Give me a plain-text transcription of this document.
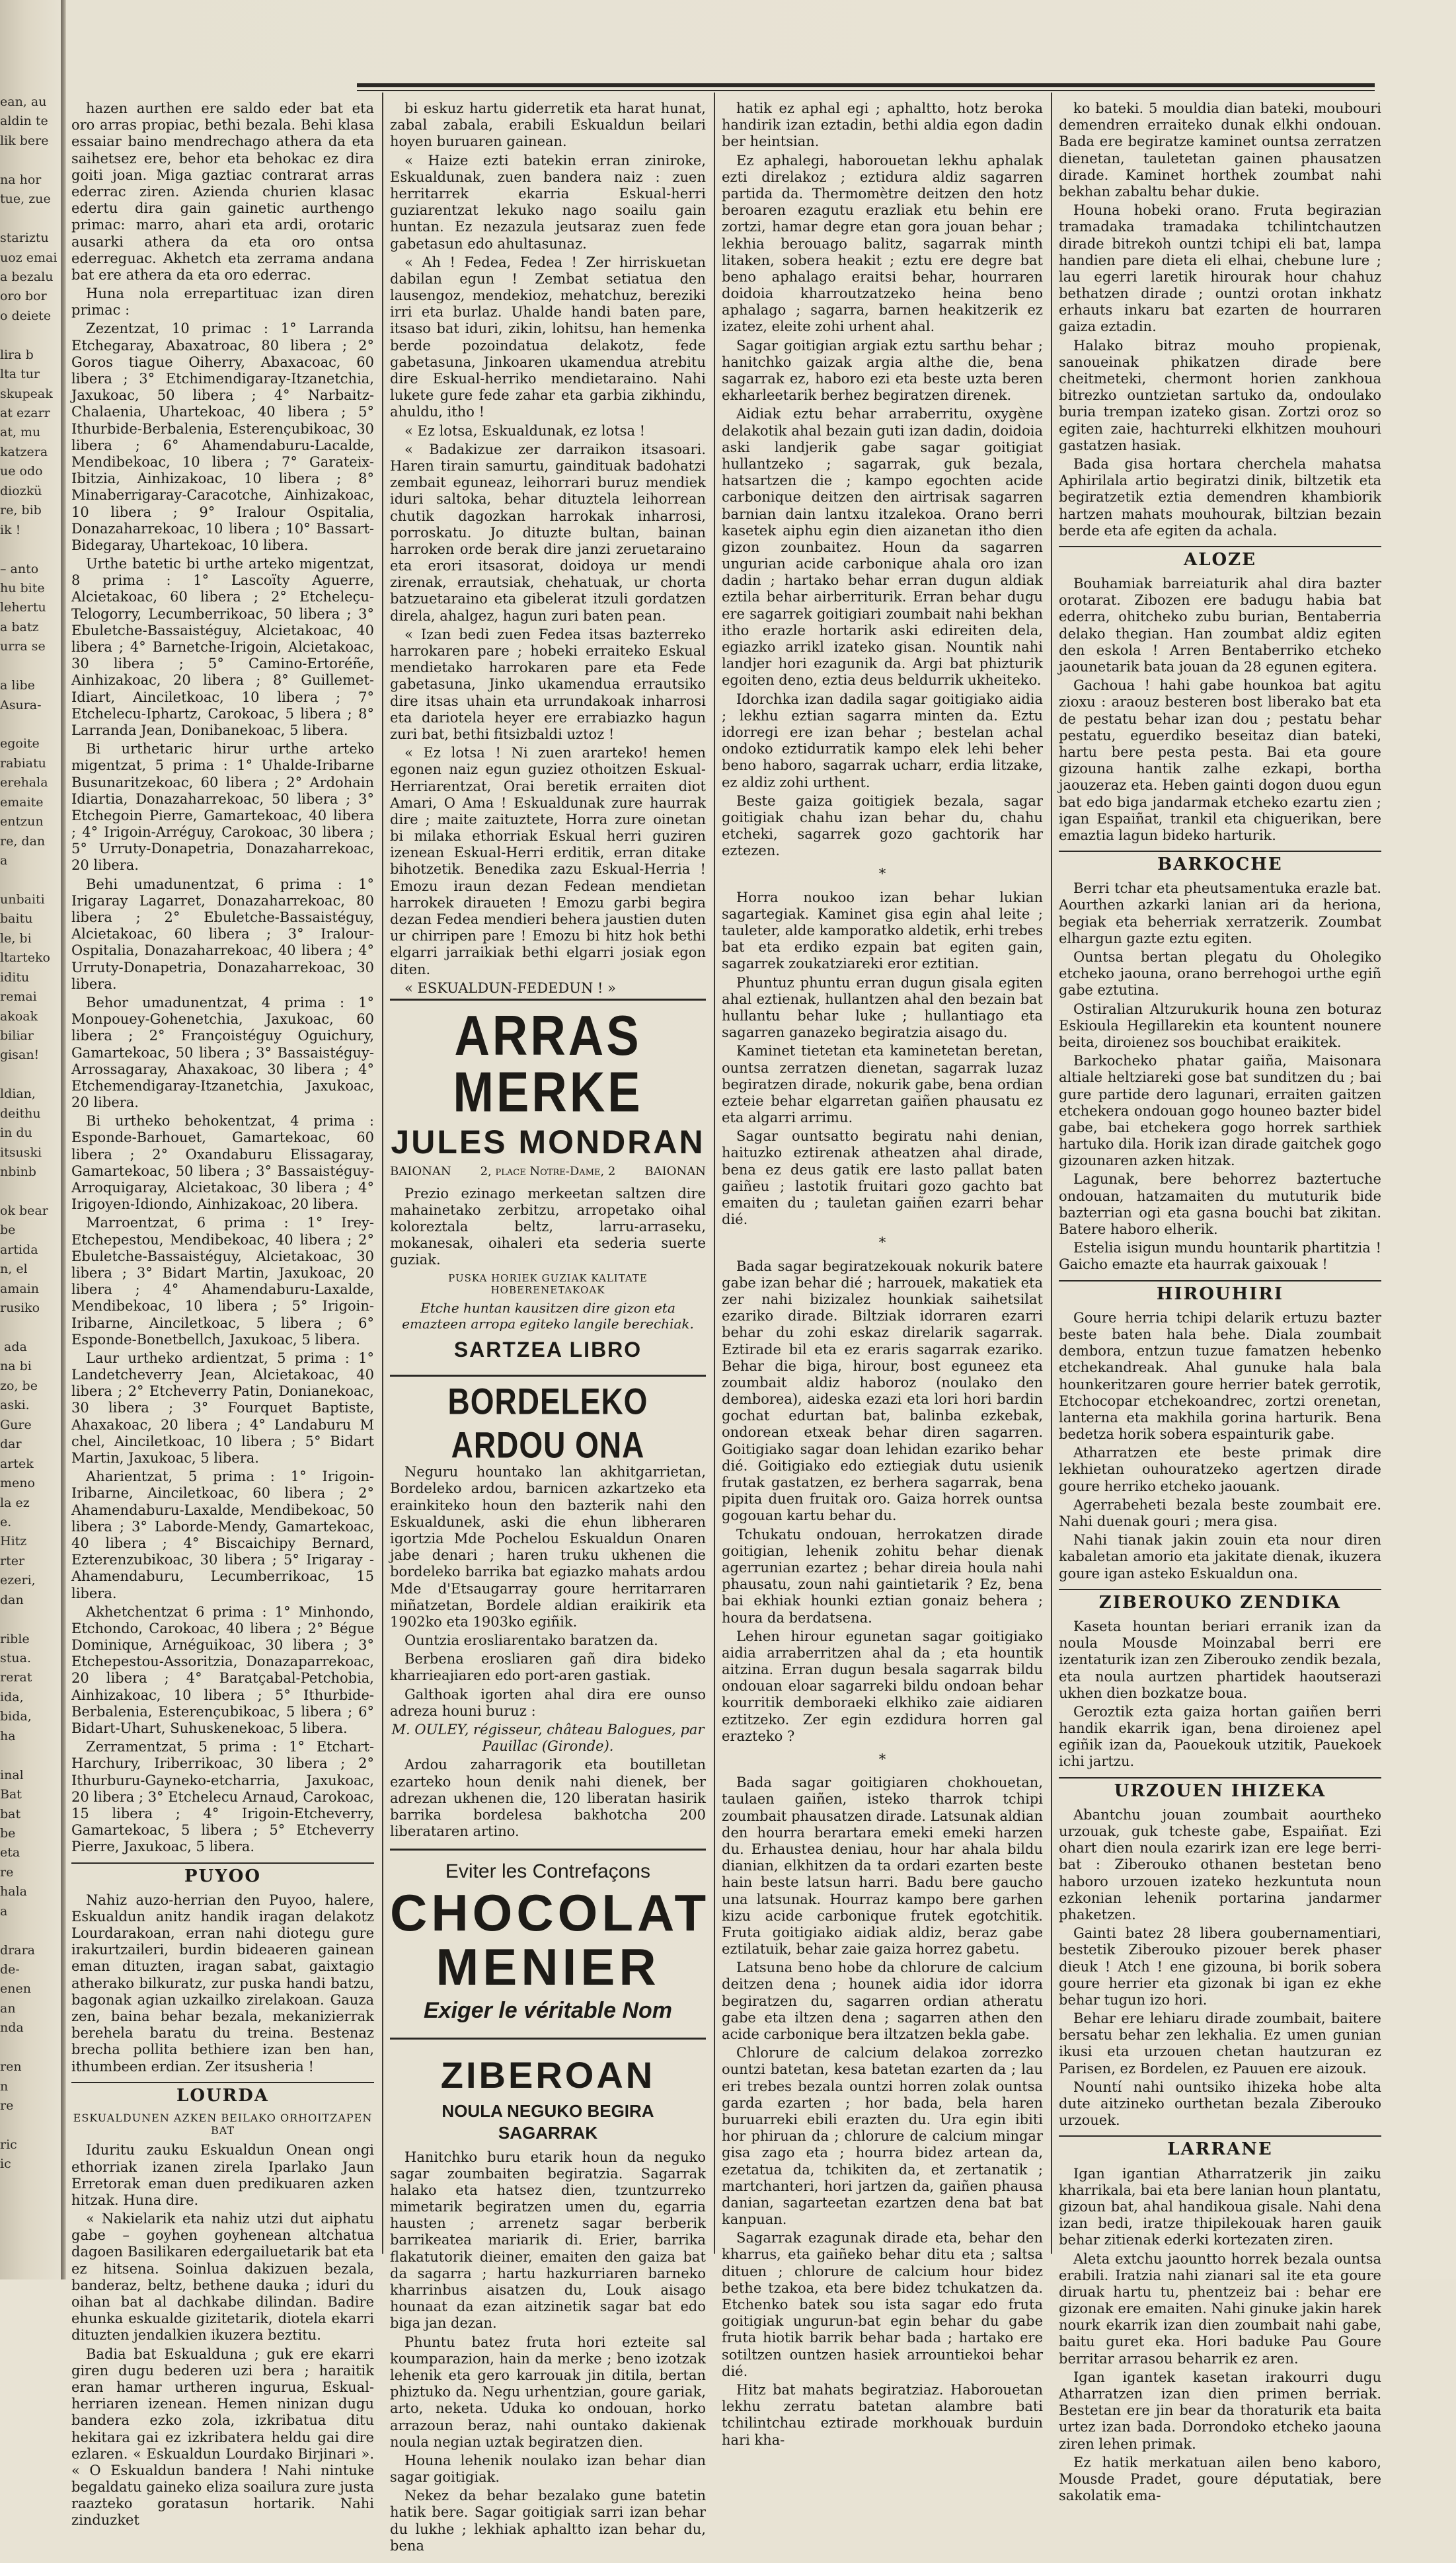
ean, au
aldin te
lik bere

na hor
tue, zue

stariztu
uoz emai
a bezalu
oro bor
o deiete

lira b
lta tur
skupeak
at ezarr
at, mu
katzera
ue odo
diozkü
re, bib
ik !

– anto
hu bite
lehertu
a batz
urra se

a libe
Asura-

egoite
rabiatu
erehala
emaite
entzun
re, dan
a

unbaiti
baitu
le, bi
ltarteko
iditu
remai
akoak
biliar
gisan!

ldian,
deithu
in du
itsuski
nbinb

ok bear
be
artida
n, el
amain
rusiko

ada
na bi
zo, be
aski.
Gure
dar
artek
meno
la ez
e.
Hitz
rter
ezeri,
dan

rible
stua.
rerat
ida,
bida,
ha

inal
Bat
bat
be
eta
re
hala
a

drara
de-
enen
an
nda

ren
n
re

ric
ic

hazen aurthen ere saldo eder bat eta oro arras propiac, bethi bezala. Behi klasa essaiar baino mendrechago athera da eta saihetsez ere, behor eta behokac ez dira goiti joan. Miga gaztiac contrarat arras ederrac ziren. Azienda churien klasac edertu dira gain gainetic aurthengo primac: marro, ahari eta ardi, orotaric ausarki athera da eta oro ontsa ederreguac. Akhetch eta zerrama andana bat ere athera da eta oro ederrac.

Huna nola errepartituac izan diren primac :

Zezentzat, 10 primac : 1° Larranda Etchegaray, Abaxatroac, 80 libera ; 2° Goros tiague Oiherry, Abaxacoac, 60 libera ; 3° Etchimendigaray-Itzanetchia, Jaxukoac, 50 libera ; 4° Narbaitz-Chalaenia, Uhartekoac, 40 libera ; 5° Ithurbide-Berbalenia, Esterençubikoac, 30 libera ; 6° Ahamendaburu-Lacalde, Mendibekoac, 10 libera ; 7° Garateix-Ibitzia, Ainhizakoac, 10 libera ; 8° Minaberrigaray-Caracotche, Ainhizakoac, 10 libera ; 9° Iralour Ospitalia, Donazaharrekoac, 10 libera ; 10° Bassart-Bidegaray, Uhartekoac, 10 libera.

Urthe batetic bi urthe arteko migentzat, 8 prima : 1° Lascoïty Aguerre, Alcietakoac, 60 libera ; 2° Etcheleçu-Telogorry, Lecumberrikoac, 50 libera ; 3° Ebuletche-Bassaistéguy, Alcietakoac, 40 libera ; 4° Barnetche-Irigoin, Alcietakoac, 30 libera ; 5° Camino-Ertoréñe, Ainhizakoac, 20 libera ; 8° Guillemet-Idiart, Ainciletkoac, 10 libera ; 7° Etchelecu-Iphartz, Carokoac, 5 libera ; 8° Larranda Jean, Donibanekoac, 5 libera.

Bi urthetaric hirur urthe arteko migentzat, 5 prima : 1° Uhalde-Iribarne Busunaritzekoac, 60 libera ; 2° Ardohain Idiartia, Donazaharrekoac, 50 libera ; 3° Etchegoin Pierre, Gamartekoac, 40 libera ; 4° Irigoin-Arréguy, Carokoac, 30 libera ; 5° Urruty-Donapetria, Donazaharrekoac, 20 libera.

Behi umadunentzat, 6 prima : 1° Irigaray Lagarret, Donazaharrekoac, 80 libera ; 2° Ebuletche-Bassaistéguy, Alcietakoac, 60 libera ; 3° Iralour-Ospitalia, Donazaharrekoac, 40 libera ; 4° Urruty-Donapetria, Donazaharrekoac, 30 libera.

Behor umadunentzat, 4 prima : 1° Monpouey-Gohenetchia, Jaxukoac, 60 libera ; 2° Françoistéguy Oguichury, Gamartekoac, 50 libera ; 3° Bassaistéguy-Arrossagaray, Ahaxakoac, 30 libera ; 4° Etchemendigaray-Itzanetchia, Jaxukoac, 20 libera.

Bi urtheko behokentzat, 4 prima : Esponde-Barhouet, Gamartekoac, 60 libera ; 2° Oxandaburu Elissagaray, Gamartekoac, 50 libera ; 3° Bassaistéguy-Arroquigaray, Alcietakoac, 30 libera ; 4° Irigoyen-Idiondo, Ainhizakoac, 20 libera.

Marroentzat, 6 prima : 1° Irey-Etchepestou, Mendibekoac, 40 libera ; 2° Ebuletche-Bassaistéguy, Alcietakoac, 30 libera ; 3° Bidart Martin, Jaxukoac, 20 libera ; 4° Ahamendaburu-Laxalde, Mendibekoac, 10 libera ; 5° Irigoin-Iribarne, Ainciletkoac, 5 libera ; 6° Esponde-Bonetbellch, Jaxukoac, 5 libera.

Laur urtheko ardientzat, 5 prima : 1° Landetcheverry Jean, Alcietakoac, 40 libera ; 2° Etcheverry Patin, Donianekoac, 30 libera ; 3° Fourquet Baptiste, Ahaxakoac, 20 libera ; 4° Landaburu M chel, Ainciletkoac, 10 libera ; 5° Bidart Martin, Jaxukoac, 5 libera.

Aharientzat, 5 prima : 1° Irigoin-Iribarne, Ainciletkoac, 60 libera ; 2° Ahamendaburu-Laxalde, Mendibekoac, 50 libera ; 3° Laborde-Mendy, Gamartekoac, 40 libera ; 4° Biscaichipy Bernard, Ezterenzubikoac, 30 libera ; 5° Irigaray - Ahamendaburu, Lecumberrikoac, 15 libera.

Akhetchentzat 6 prima : 1° Minhondo, Etchondo, Carokoac, 40 libera ; 2° Bégue Dominique, Arnéguikoac, 30 libera ; 3° Etchepestou-Assoritzia, Donazaparrekoac, 20 libera ; 4° Baratçabal-Petchobia, Ainhizakoac, 10 libera ; 5° Ithurbide-Berbalenia, Esterençubikoac, 5 libera ; 6° Bidart-Uhart, Suhuskenekoac, 5 libera.

Zerramentzat, 5 prima : 1° Etchart-Harchury, Iriberrikoac, 30 libera ; 2° Ithurburu-Gayneko-etcharria, Jaxukoac, 20 libera ; 3° Etchelecu Arnaud, Carokoac, 15 libera ; 4° Irigoin-Etcheverry, Gamartekoac, 5 libera ; 5° Etcheverry Pierre, Jaxukoac, 5 libera.

PUYOO

Nahiz auzo-herrian den Puyoo, halere, Eskualdun anitz handik iragan delakotz Lourdarakoan, erran nahi diotegu gure irakurtzaileri, burdin bideaeren gainean eman dituzten, iragan sabat, gaixtagio atherako bilkuratz, zur puska handi batzu, bagonak agian uzkailko zirelakoan. Gauza zen, baina behar bezala, mekanizierrak berehela baratu du treina. Bestenaz brecha pollita bethiere izan ben han, ithumbeen erdian. Zer itsusheria !

LOURDA
ESKUALDUNEN AZKEN BEILAKO ORHOITZAPEN BAT

Iduritu zauku Eskualdun Onean ongi ethorriak izanen zirela Iparlako Jaun Erretorak eman duen predikuaren azken hitzak. Huna dire.

« Nakielarik eta nahiz utzi dut aiphatu gabe – goyhen goyhenean altchatua dagoen Basilikaren edergailuetarik bat eta ez hitsena. Soinlua dakizuen bezala, banderaz, beltz, bethene dauka ; iduri du oihan bat al dachkabe dilindan. Badire ehunka eskualde gizitetarik, diotela ekarri dituzten jendalkien ikuzera beztitu.

Badia bat Eskualduna ; guk ere ekarri giren dugu bederen uzi bera ; haraitik eran hamar urtheren ingurua, Eskual-herriaren izenean. Hemen ninizan dugu bandera ezko zola, izkribatua ditu hekitara gai ez izkribatera heldu gai dire ezlaren. « Eskualdun Lourdako Birjinari ». « O Eskualdun bandera ! Nahi nintuke begaldatu gaineko eliza soailura zure justa raazteko goratasun hortarik. Nahi zinduzket

bi eskuz hartu giderretik eta harat hunat, zabal zabala, erabili Eskualdun beilari hoyen buruaren gainean.

« Haize ezti batekin erran ziniroke, Eskualdunak, zuen bandera naiz : zuen herritarrek ekarria Eskual-herri guziarentzat lekuko nago soailu gain huntan. Ez nezazula jeutsaraz zuen fede gabetasun edo ahultasunaz.

« Ah ! Fedea, Fedea ! Zer hirriskuetan dabilan egun ! Zembat setiatua den lausengoz, mendekioz, mehatchuz, bereziki irri eta burlaz. Uhalde handi baten pare, itsaso bat iduri, zikin, lohitsu, han hemenka berde pozoindatua delakotz, fede gabetasuna, Jinkoaren ukamendua atrebitu dire Eskual-herriko mendietaraino. Nahi lukete gure fede zahar eta garbia zikhindu, ahuldu, itho !

« Ez lotsa, Eskualdunak, ez lotsa !

« Badakizue zer darraikon itsasoari. Haren tirain samurtu, gaindituak badohatzi zembait eguneaz, leihorrari buruz mendiek iduri saltoka, behar dituztela leihorrean chutik dagozkan harrokak inharrosi, porroskatu. Jo dituzte bultan, bainan harroken orde berak dire janzi zeruetaraino eta erori itsasorat, doidoya ur mendi zirenak, errautsiak, chehatuak, ur chorta batzuetaraino eta gibelerat itzuli gordatzen direla, ahalgez, hagun zuri baten pean.

« Izan bedi zuen Fedea itsas bazterreko harrokaren pare ; hobeki erraiteko Eskual mendietako harrokaren pare eta Fede gabetasuna, Jinko ukamendua errautsiko dire itsas uhain eta urrundakoak inharrosi eta dariotela heyer ere errabiazko hagun zuri bat, bethi fitsizbaldi uztoz !

« Ez lotsa ! Ni zuen ararteko! hemen egonen naiz egun guziez othoitzen Eskual-Herriarentzat, Orai beretik erraiten diot Amari, O Ama ! Eskualdunak zure haurrak dire ; maite zaituztete, Horra zure oinetan bi milaka ethorriak Eskual herri guziren izenean Eskual-Herri erditik, erran ditake bihotzetik. Benedika zazu Eskual-Herria ! Emozu iraun dezan Fedean mendietan harrokek diraueten ! Emozu garbi begira dezan Fedea mendieri behera jaustien duten ur chirripen pare ! Emozu bi hitz hok bethi elgarri jarraikiak bethi elgarri josiak egon diten.

« ESKUALDUN-FEDEDUN ! »

ARRAS MERKE
JULES MONDRAN
BAIONAN 2, place Notre-Dame, 2 BAIONAN

Prezio ezinago merkeetan saltzen dire mahainetako zerbitzu, arropetako oihal koloreztala beltz, larru-arraseku, mokanesak, oihaleri eta sederia suerte guziak.

PUSKA HORIEK GUZIAK KALITATE HOBERENETAKOAK
Etche huntan kausitzen dire gizon eta emazteen arropa egiteko langile berechiak.
SARTZEA LIBRO
BORDELEKO ARDOU ONA

Neguru hountako lan akhitgarrietan, Bordeleko ardou, barnicen azkartzeko eta erainkiteko houn den bazterik nahi den Eskualdunek, aski die ehun libheraren igortzia Mde Pochelou Eskualdun Onaren jabe denari ; haren truku ukhenen die bordeleko barrika bat egiazko mahats ardou Mde d'Etsaugarray goure herritarraren miñatzetan, Bordele aldian eraikirik eta 1902ko eta 1903ko egiñik.

Ountzia erosliarentako baratzen da.

Berbena erosliaren gañ dira bideko kharrieajiaren edo port-aren gastiak.

Galthoak igorten ahal dira ere ounso adreza houni buruz :

M. OULEY, régisseur, château Balogues, par Pauillac (Gironde).

Ardou zaharragorik eta boutilletan ezarteko houn denik nahi dienek, ber adrezan ukhenen die, 120 liberatan hasirik barrika bordelesa bakhotcha 200 liberataren artino.

Eviter les Contrefaçons
CHOCOLAT
MENIER
Exiger le véritable Nom
ZIBEROAN
NOULA NEGUKO BEGIRA
SAGARRAK

Hanitchko buru etarik houn da neguko sagar zoumbaiten begiratzia. Sagarrak halako eta hatsez dien, tzuntzurreko mimetarik begiratzen umen du, egarria hausten ; arrenetz sagar berberik barrikeatea mariarik di. Erier, barrika flakatutorik dieiner, emaiten den gaiza bat da sagarra ; hartu hazkurriaren barneko kharrinbus aisatzen du, Louk aisago hounaat da ezan aitzinetik sagar bat edo biga jan dezan.

Phuntu batez fruta hori ezteite sal koumparazion, hain da merke ; beno izotzak lehenik eta gero karrouak jin ditila, bertan phiztuko da. Negu urhentzian, goure gariak, arto, neketa. Uduka ko ondouan, horko arrazoun beraz, nahi ountako dakienak noula negian uztak begiratzen dien.

Houna lehenik noulako izan behar dian sagar goitigiak.

Nekez da behar bezalako gune batetin hatik bere. Sagar goitigiak sarri izan behar du lukhe ; lekhiak aphaltto izan behar du, bena

hatik ez aphal egi ; aphaltto, hotz beroka handirik izan eztadin, bethi aldia egon dadin ber heintsian.

Ez aphalegi, haborouetan lekhu aphalak ezti direlakoz ; eztidura aldiz sagarren partida da. Thermomètre deitzen den hotz beroaren ezagutu erazliak etu behin ere zortzi, hamar degre etan gora jouan behar ; lekhia berouago balitz, sagarrak minth litaken, sobera heakit ; eztu ere degre bat beno aphalago eraitsi behar, hourraren doidoia kharroutzatzeko heina beno aphalago ; sagarra, barnen heakitzerik ez izatez, eleite zohi urhent ahal.

Sagar goitigian argiak eztu sarthu behar ; hanitchko gaizak argia althe die, bena sagarrak ez, haboro ezi eta beste uzta beren ekharleetarik berhez begiratzen direnek.

Aidiak eztu behar arraberritu, oxygène delakotik ahal bezain guti izan dadin, doidoia aski landjerik gabe sagar goitigiat hullantzeko ; sagarrak, guk bezala, hatsartzen die ; kampo egochten acide carbonique deitzen den airtrisak sagarren barnian dain lantxu itzalekoa. Orano berri kasetek aiphu egin dien aizanetan itho dien gizon zounbaitez. Houn da sagarren ungurian acide carbonique ahala oro izan dadin ; hartako behar erran dugun aldiak eztila behar airberriturik. Erran behar dugu ere sagarrek goitigiari zoumbait nahi bekhan itho erazle hortarik aski edireiten dela, egiazko arrikl izateko gisan. Nountik nahi landjer hori ezagunik da. Argi bat phizturik egoiten deno, eztia deus beldurrik ukheiteko.

Idorchka izan dadila sagar goitigiako aidia ; lekhu eztian sagarra minten da. Eztu idorregi ere izan behar ; bestelan achal ondoko eztidurratik kampo elek lehi beher beno haboro, sagarrak ucharr, erdia litzake, ez aldiz zohi urthent.

Beste gaiza goitigiek bezala, sagar goitigiak chahu izan behar du, chahu etcheki, sagarrek gozo gachtorik har eztezen.

*

Horra noukoo izan behar lukian sagartegiak. Kaminet gisa egin ahal leite ; tauleter, alde kamporatko aldetik, erhi trebes bat eta erdiko ezpain bat egiten gain, sagarrek zoukatziareki eror eztitian.

Phuntuz phuntu erran dugun gisala egiten ahal eztienak, hullantzen ahal den bezain bat hullantu behar luke ; hullantiago eta sagarren ganazeko begiratzia aisago du.

Kaminet tietetan eta kaminetetan beretan, ountsa zerratzen dienetan, sagarrak luzaz begiratzen dirade, nokurik gabe, bena ordian ezteie behar elgarretan gaiñen phausatu ez eta algarri arrimu.

Sagar ountsatto begiratu nahi denian, haituzko eztirenak atheatzen ahal dirade, bena ez deus gatik ere lasto pallat baten gaiñeu ; lastotik fruitari gozo gachto bat emaiten du ; tauletan gaiñen ezarri behar dié.

*

Bada sagar begiratzekouak nokurik batere gabe izan behar dié ; harrouek, makatiek eta zer nahi bizizalez hounkiak saihetsilat ezariko dirade. Biltziak idorraren ezarri behar du zohi eskaz direlarik sagarrak. Eztirade bil eta ez eraris sagarrak ezariko. Behar die biga, hirour, bost eguneez eta zoumbait aldiz haboroz (noulako den demborea), aideska ezazi eta lori hori bardin gochat edurtan bat, balinba ezkebak, ondorean etxeak behar diren sagarren. Goitigiako sagar doan lehidan ezariko behar dié. Goitigiako edo eztiegiak dutu usienik frutak gastatzen, ez berhera sagarrak, bena pipita duen fruitak oro. Gaiza horrek ountsa gogouan kartu behar du.

Tchukatu ondouan, herrokatzen dirade goitigian, lehenik zohitu behar dienak agerrunian ezartez ; behar direia houla nahi phausatu, zoun nahi gaintietarik ? Ez, bena bai ekhiak hounki eztian gonaiz behera ; houra da berdatsena.

Lehen hirour egunetan sagar goitigiako aidia arraberritzen ahal da ; eta hountik aitzina. Erran dugun besala sagarrak bildu ondouan eloar sagarreki bildu ondoan behar kourritik demboraeki elkhiko zaie aidiaren eztitzeko. Zer egin ezdidura horren gal erazteko ?

*

Bada sagar goitigiaren chokhouetan, taulaen gaiñen, isteko tharrok tchipi zoumbait phausatzen dirade. Latsunak aldian den hourra berartara emeki emeki harzen du. Erhaustea deniau, hour har ahala bildu dianian, elkhitzen da ta ordari ezarten beste hain beste latsun harri. Badu bere gaucho una latsunak. Hourraz kampo bere garhen kizu acide carbonique frutek egotchitik. Fruta goitigiako aidiak aldiz, beraz gabe eztilatuik, behar zaie gaiza horrez gabetu.

Latsuna beno hobe da chlorure de calcium deitzen dena ; hounek aidia idor idorra begiratzen du, sagarren ordian atheratu gabe eta iltzen dena ; sagarren athen den acide carbonique bera iltzatzen bekla gabe.

Chlorure de calcium delakoa zorrezko ountzi batetan, kesa batetan ezarten da ; lau eri trebes bezala ountzi horren zolak ountsa garda ezarten ; hor bada, bela haren buruarreki ebili erazten du. Ura egin ibiti hor phiruan da ; chlorure de calcium mingar gisa zago eta ; hourra bidez artean da, ezetatua da, tchikiten da, et zertanatik ; martchanteri, hori jartzen da, gaiñen phausa danian, sagarteetan ezartzen dena bat bat kanpuan.

Sagarrak ezagunak dirade eta, behar den kharrus, eta gaiñeko behar ditu eta ; saltsa dituen ; chlorure de calcium hour bidez bethe tzakoa, eta bere bidez tchukatzen da. Etchenko batek sou ista sagar edo fruta goitigiak ungurun-bat egin behar du gabe fruta hiotik barrik behar bada ; hartako ere sotiltzen ountzen hasiek arrountiekoi behar dié.

Hitz bat mahats begiratziaz. Haborouetan lekhu zerratu batetan alambre bati tchilintchau eztirade morkhouak burduin hari kha-

ko bateki. 5 mouldia dian bateki, moubouri demendren erraiteko dunak elkhi ondouan. Bada ere begiratze kaminet ountsa zerratzen dienetan, tauletetan gainen phausatzen dirade. Kaminet horthek zoumbat nahi bekhan zabaltu behar dukie.

Houna hobeki orano. Fruta begirazian tramadaka tramadaka tchilintchautzen dirade bitrekoh ountzi tchipi eli bat, lampa handien pare dieta eli elhai, chebune lure ; lau egerri laretik hirourak hour chahuz bethatzen dirade ; ountzi orotan inkhatz erhauts inkaru bat ezarten de hourraren gaiza eztadin.

Halako bitraz mouho propienak, sanoueinak phikatzen dirade bere cheitmeteki, chermont horien zankhoua bitrezko ountzietan sartuko da, ondoulako buria trempan izateko gisan. Zortzi oroz so egiten zaie, hachturreki elkhitzen mouhouri gastatzen hasiak.

Bada gisa hortara cherchela mahatsa Aphirilala artio begiratzi dinik, biltzetik eta begiratzetik eztia demendren khambiorik hartzen mahats mouhourak, biltzian bezain berde eta afe egiten da achala.

ALOZE

Bouhamiak barreiaturik ahal dira bazter orotarat. Zibozen ere badugu habia bat ederra, ohitcheko zubu burian, Bentaberria delako thegian. Han zoumbat aldiz egiten den eskola ! Arren Bentaberriko etcheko jaounetarik bata jouan da 28 egunen egitera.

Gachoua ! hahi gabe hounkoa bat agitu zioxu : araouz besteren bost liberako bat eta de pestatu behar izan dou ; pestatu behar pestatu, eguerdiko beseitaz dian bateki, hartu bere pesta pesta. Bai eta goure gizouna hantik zalhe ezkapi, bortha jaouzeraz eta. Heben gainti dogon duou egun bat edo biga jandarmak etcheko ezartu zien ; igan Espaiñat, trankil eta chiguerikan, bere emaztia lagun bideko harturik.

BARKOCHE

Berri tchar eta pheutsamentuka erazle bat. Aourthen azkarki lanian ari da heriona, begiak eta beherriak xerratzerik. Zoumbat elhargun gazte eztu egiten.

Ountsa bertan plegatu du Oholegiko etcheko jaouna, orano berrehogoi urthe egiñ gabe eztutina.

Ostiralian Altzurukurik houna zen boturaz Eskioula Hegillarekin eta kountent nounere beita, diroienez sos bouchibat eraikitek.

Barkocheko phatar gaiña, Maisonara altiale heltziareki gose bat sunditzen du ; bai gure partide dero lagunari, erraiten gaitzen etchekera ondouan gogo houneo bazter bidel gabe, bai etchekera gogo horrek sarthiek hartuko dila. Horik izan dirade gaitchek gogo gizounaren azken hitzak.

Lagunak, bere behorrez baztertuche ondouan, hatzamaiten du mututurik bide bazterrian ogi eta gasna bouchi bat zikitan. Batere haboro elherik.

Estelia isigun mundu hountarik phartitzia ! Gaicho emazte eta haurrak gaixouak !

HIROUHIRI

Goure herria tchipi delarik ertuzu bazter beste baten hala behe. Diala zoumbait dembora, entzun tuzue famatzen hebenko etchekandreak. Ahal gunuke hala bala hounkeritzaren goure herrier batek gerrotik, Etchocopar etchekoandrec, zortzi orenetan, lanterna eta makhila gorina harturik. Bena bedetza horik sobera espainturik gabe.

Atharratzen ete beste primak dire lekhietan ouhouratzeko agertzen dirade goure herriko etcheko jaouank.

Agerrabeheti bezala beste zoumbait ere. Nahi duenak gouri ; mera gisa.

Nahi tianak jakin zouin eta nour diren kabaletan amorio eta jakitate dienak, ikuzera goure igan asteko Eskualdun ona.

ZIBEROUKO ZENDIKA

Kaseta hountan beriari erranik izan da noula Mousde Moinzabal berri ere izentaturik izan zen Ziberouko zendik bezala, eta noula aurtzen phartidek haoutserazi ukhen dien bozkatze boua.

Geroztik ezta gaiza hortan gaiñen berri handik ekarrik igan, bena diroienez apel egiñik izan da, Paouekouk utzitik, Pauekoek ichi jartzu.

URZOUEN IHIZEKA

Abantchu jouan zoumbait aourtheko urzouak, guk tcheste gabe, Espaiñat. Ezi ohart dien noula ezarirk izan ere lege berri-bat : Ziberouko othanen bestetan beno haboro urzouen izateko hezkuntuta noun ezkonian lehenik portarina jandarmer phaketzen.

Gainti batez 28 libera goubernamentiari, bestetik Ziberouko pizouer berek phaser dieuk ! Atch ! ene gizouna, bi borik sobera goure herrier eta gizonak bi igan ez ekhe behar tugun izo hori.

Behar ere lehiaru dirade zoumbait, baitere bersatu behar zen lekhalia. Ez umen gunian ikusi eta urzouen chetan hautzuran ez Parisen, ez Bordelen, ez Pauuen ere aizouk.

Nountí nahi ountsiko ihizeka hobe alta dute aitzineko ourthetan bezala Ziberouko urzouek.

LARRANE

Igan igantian Atharratzerik jin zaiku kharrikala, bai eta bere lanian houn plantatu, gizoun bat, ahal handikoua gisale. Nahi dena izan bedi, iratze thipilekouak haren gauik behar zitienak ederki kortezaten ziren.

Aleta extchu jaountto horrek bezala ountsa erabili. Iratzia nahi zianari sal ite eta goure diruak hartu tu, phentzeiz bai : behar ere gizonak ere emaiten. Nahi ginuke jakin harek nourk ekarrik izan dien zoumbait nahi gabe, baitu guret eka. Hori baduke Pau Goure berritar arrasou beharrik ez aren.

Igan igantek kasetan irakourri dugu Atharratzen izan dien primen berriak. Bestetan ere jin bear da thoraturik eta baita urtez izan bada. Dorrondoko etcheko jaouna ziren lehen primak.

Ez hatik merkatuan ailen beno kaboro, Mousde Pradet, goure députatiak, bere sakolatik ema-
